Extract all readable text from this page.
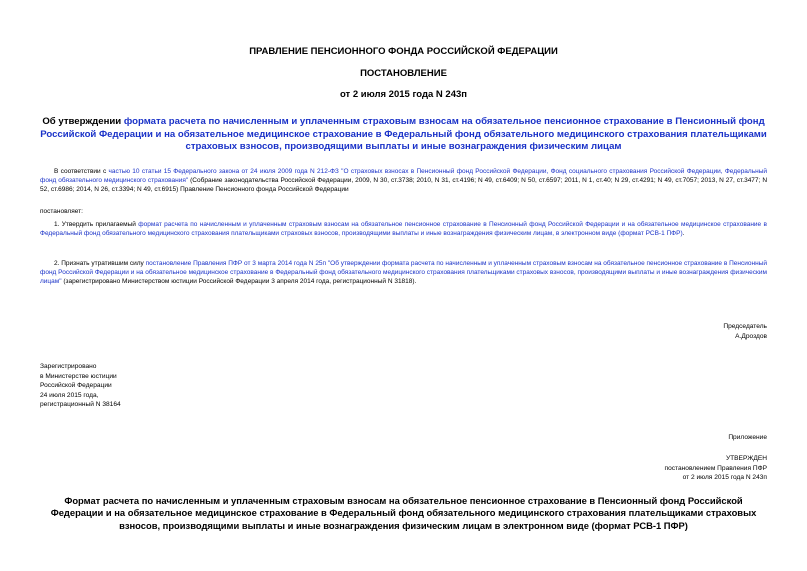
ПРАВЛЕНИЕ ПЕНСИОННОГО ФОНДА РОССИЙСКОЙ ФЕДЕРАЦИИ
ПОСТАНОВЛЕНИЕ
от 2 июля 2015 года N 243п
Об утверждении формата расчета по начисленным и уплаченным страховым взносам на обязательное пенсионное страхование в Пенсионный фонд Российской Федерации и на обязательное медицинское страхование в Федеральный фонд обязательного медицинского страхования плательщиками страховых взносов, производящими выплаты и иные вознаграждения физическим лицам
В соответствии с частью 10 статьи 15 Федерального закона от 24 июля 2009 года N 212-ФЗ "О страховых взносах в Пенсионный фонд Российской Федерации, Фонд социального страхования Российской Федерации, Федеральный фонд обязательного медицинского страхования" (Собрание законодательства Российской Федерации, 2009, N 30, ст.3738; 2010, N 31, ст.4196; N 49, ст.6409; N 50, ст.6597; 2011, N 1, ст.40; N 29, ст.4291; N 49, ст.7057; 2013, N 27, ст.3477; N 52, ст.6986; 2014, N 26, ст.3394; N 49, ст.6915) Правление Пенсионного фонда Российской Федерации
постановляет:
1. Утвердить прилагаемый формат расчета по начисленным и уплаченным страховым взносам на обязательное пенсионное страхование в Пенсионный фонд Российской Федерации и на обязательное медицинское страхование в Федеральный фонд обязательного медицинского страхования плательщиками страховых взносов, производящими выплаты и иные вознаграждения физическим лицам, в электронном виде (формат РСВ-1 ПФР).
2. Признать утратившим силу постановление Правления ПФР от 3 марта 2014 года N 25п "Об утверждении формата расчета по начисленным и уплаченным страховым взносам на обязательное пенсионное страхование в Пенсионный фонд Российской Федерации и на обязательное медицинское страхование в Федеральный фонд обязательного медицинского страхования плательщиками страховых взносов, производящими выплаты и иные вознаграждения физическим лицам" (зарегистрировано Министерством юстиции Российской Федерации 3 апреля 2014 года, регистрационный N 31818).
Председатель
А.Дроздов
Зарегистрировано
в Министерстве юстиции
Российской Федерации
24 июля 2015 года,
регистрационный N 38164
Приложение
УТВЕРЖДЕН
постановлением Правления ПФР
от 2 июля 2015 года N 243п
Формат расчета по начисленным и уплаченным страховым взносам на обязательное пенсионное страхование в Пенсионный фонд Российской Федерации и на обязательное медицинское страхование в Федеральный фонд обязательного медицинского страхования плательщиками страховых взносов, производящими выплаты и иные вознаграждения физическим лицам в электронном виде (формат РСВ-1 ПФР)
